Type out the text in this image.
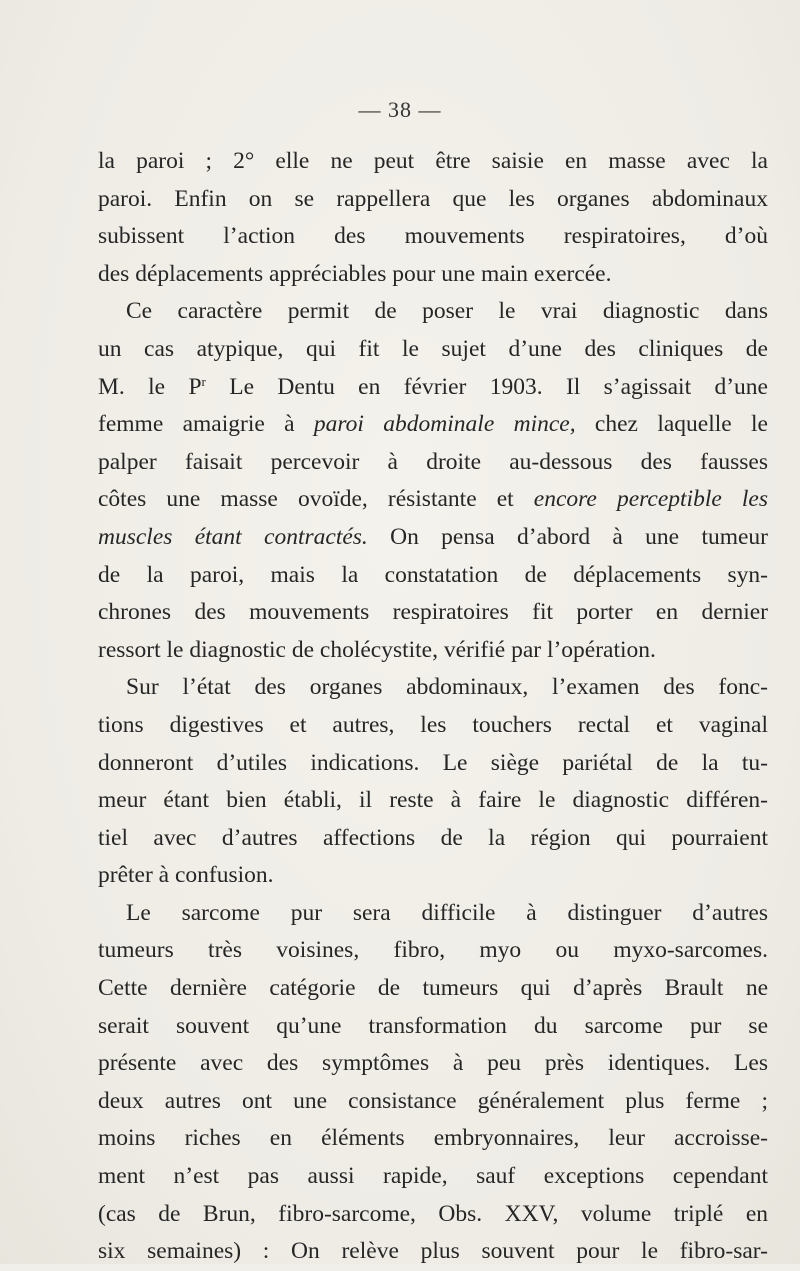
— 38 —
la paroi ; 2° elle ne peut être saisie en masse avec la
paroi. Enfin on se rappellera que les organes abdominaux
subissent l’action des mouvements respiratoires, d’où
des déplacements appréciables pour une main exercée.
Ce caractère permit de poser le vrai diagnostic dans
un cas atypique, qui fit le sujet d’une des cliniques de
M. le $P^r$ Le Dentu en février 1903. Il s’agissait d’une
femme amaigrie à paroi abdominale mince, chez laquelle le
palper faisait percevoir à droite au-dessous des fausses
côtes une masse ovoïde, résistante et encore perceptible les
muscles étant contractés. On pensa d’abord à une tumeur
de la paroi, mais la constatation de déplacements syn-
chrones des mouvements respiratoires fit porter en dernier
ressort le diagnostic de cholécystite, vérifié par l’opération.
Sur l’état des organes abdominaux, l’examen des fonc-
tions digestives et autres, les touchers rectal et vaginal
donneront d’utiles indications. Le siège pariétal de la tu-
meur étant bien établi, il reste à faire le diagnostic différen-
tiel avec d’autres affections de la région qui pourraient
prêter à confusion.
Le sarcome pur sera difficile à distinguer d’autres
tumeurs très voisines, fibro, myo ou myxo-sarcomes.
Cette dernière catégorie de tumeurs qui d’après Brault ne
serait souvent qu’une transformation du sarcome pur se
présente avec des symptômes à peu près identiques. Les
deux autres ont une consistance généralement plus ferme ;
moins riches en éléments embryonnaires, leur accroisse-
ment n’est pas aussi rapide, sauf exceptions cependant
(cas de Brun, fibro-sarcome, Obs. XXV, volume triplé en
six semaines) : On relève plus souvent pour le fibro-sar-
